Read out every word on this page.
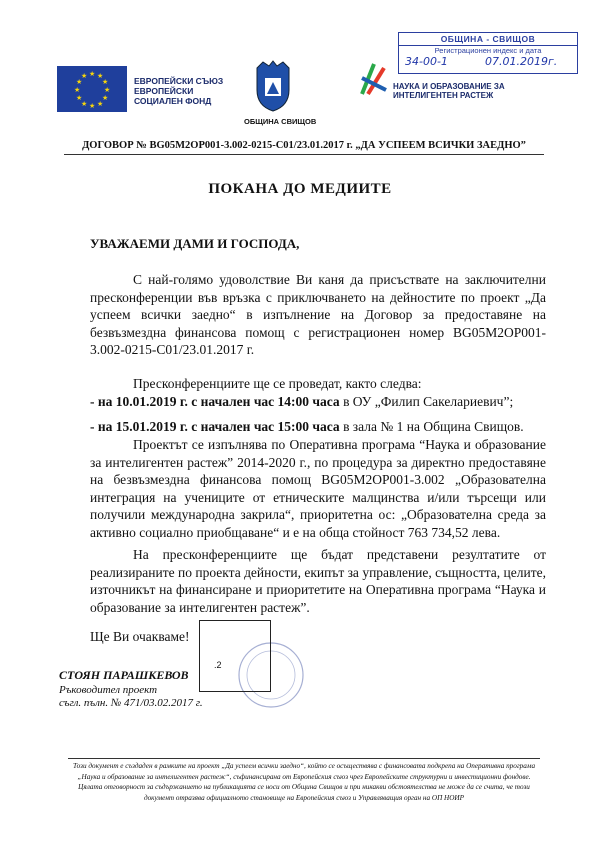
★ ★
★
★
★
★
★
★
★
★
★
★	ЕВРОПЕЙСКИ СЪЮЗ
ЕВРОПЕЙСКИ
СОЦИАЛЕН ФОНД
ОБЩИНА СВИЩОВ
ОБЩИНА - СВИЩОВ
Регистрационен индекс и дата
34-00-1	07.01.2019г.
НАУКА И ОБРАЗОВАНИЕ ЗА
ИНТЕЛИГЕНТЕН РАСТЕЖ
ДОГОВОР № BG05M2OP001-3.002-0215-C01/23.01.2017 г. „ДА УСПЕЕМ ВСИЧКИ ЗАЕДНО”
ПОКАНА ДО МЕДИИТЕ
УВАЖАЕМИ ДАМИ И ГОСПОДА,
С най-голямо удоволствие Ви каня да присъствате на заключителни пресконференции във връзка с приключването на дейностите по проект „Да успеем всички заедно“ в изпълнение на Договор за предоставяне на безвъзмездна финансова помощ с регистрационен номер BG05M2OP001-3.002-0215-C01/23.01.2017 г.
Пресконференциите ще се проведат, както следва:
- на 10.01.2019 г. с начален час 14:00 часа в ОУ „Филип Сакелариевич”;
- на 15.01.2019 г. с начален час 15:00 часа в зала № 1 на Община Свищов.
Проектът се изпълнява по Оперативна програма “Наука и образование за интелигентен растеж” 2014-2020 г., по процедура за директно предоставяне на безвъзмездна финансова помощ BG05M2OP001-3.002 „Образователна интеграция на учениците от етническите малцинства и/или търсещи или получили международна закрила“, приоритетна ос: „Образователна среда за активно социално приобщаване“ и е на обща стойност 763 734,52 лева.
На пресконференциите ще бъдат представени резултатите от реализираните по проекта дейности, екипът за управление, същността, целите, източникът на финансиране и приоритетите на Оперативна програма “Наука и образование за интелигентен растеж”.
Ще Ви очакваме!
.2
СТОЯН ПАРАШКЕВОВ
Ръководител проект
съгл. пълн. № 471/03.02.2017 г.
Този документ е създаден в рамките на проект „Да успеем всички заедно“, който се осъществява с финансовата подкрепа на Оперативна програма „Наука и образование за интелигентен растеж“, съфинансирана от Европейския съюз чрез Европейските структурни и инвестиционни фондове. Цялата отговорност за съдържанието на публикацията се носи от Община Свищов и при никакви обстоятелства не може да се счита, че този документ отразява официалното становище на Европейския съюз и Управляващия орган на ОП НОИР
